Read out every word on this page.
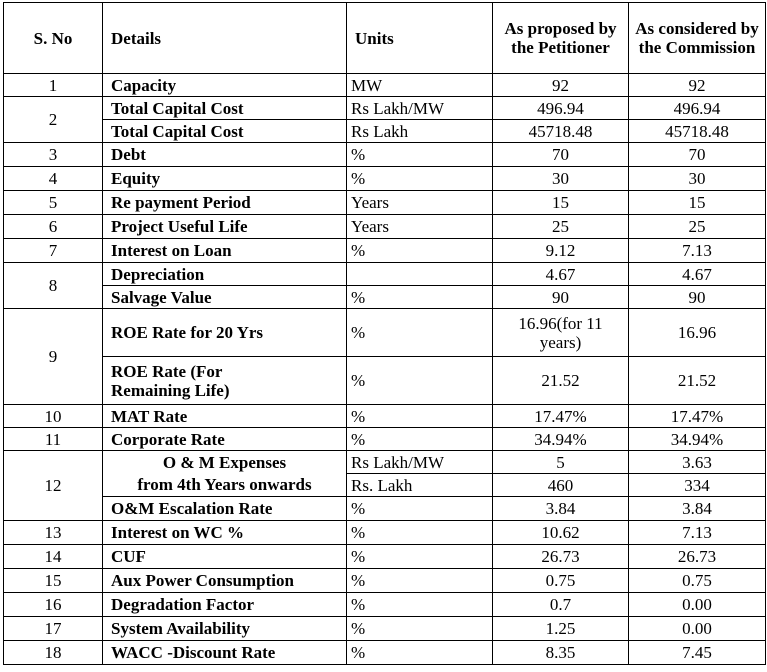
S. No	Details	Units	As proposed by the Petitioner	As considered by the Commission
1	Capacity	MW	92	92
2	Total Capital Cost	Rs Lakh/MW	496.94	496.94
	Total Capital Cost	Rs Lakh	45718.48	45718.48
3	Debt	%	70	70
4	Equity	%	30	30
5	Re payment Period	Years	15	15
6	Project Useful Life	Years	25	25
7	Interest on Loan	%	9.12	7.13
8	Depreciation		4.67	4.67
	Salvage Value	%	90	90
9	ROE Rate for 20 Yrs	%	16.96(for 11 years)	16.96
	ROE Rate (For Remaining Life)	%	21.52	21.52
10	MAT Rate	%	17.47%	17.47%
11	Corporate Rate	%	34.94%	34.94%
12	O & M Expenses	Rs Lakh/MW	5	3.63
	from 4th Years onwards	Rs. Lakh	460	334
	O&M Escalation Rate	%	3.84	3.84
13	Interest on WC %	%	10.62	7.13
14	CUF	%	26.73	26.73
15	Aux Power Consumption	%	0.75	0.75
16	Degradation Factor	%	0.7	0.00
17	System Availability	%	1.25	0.00
18	WACC -Discount Rate	%	8.35	7.45
